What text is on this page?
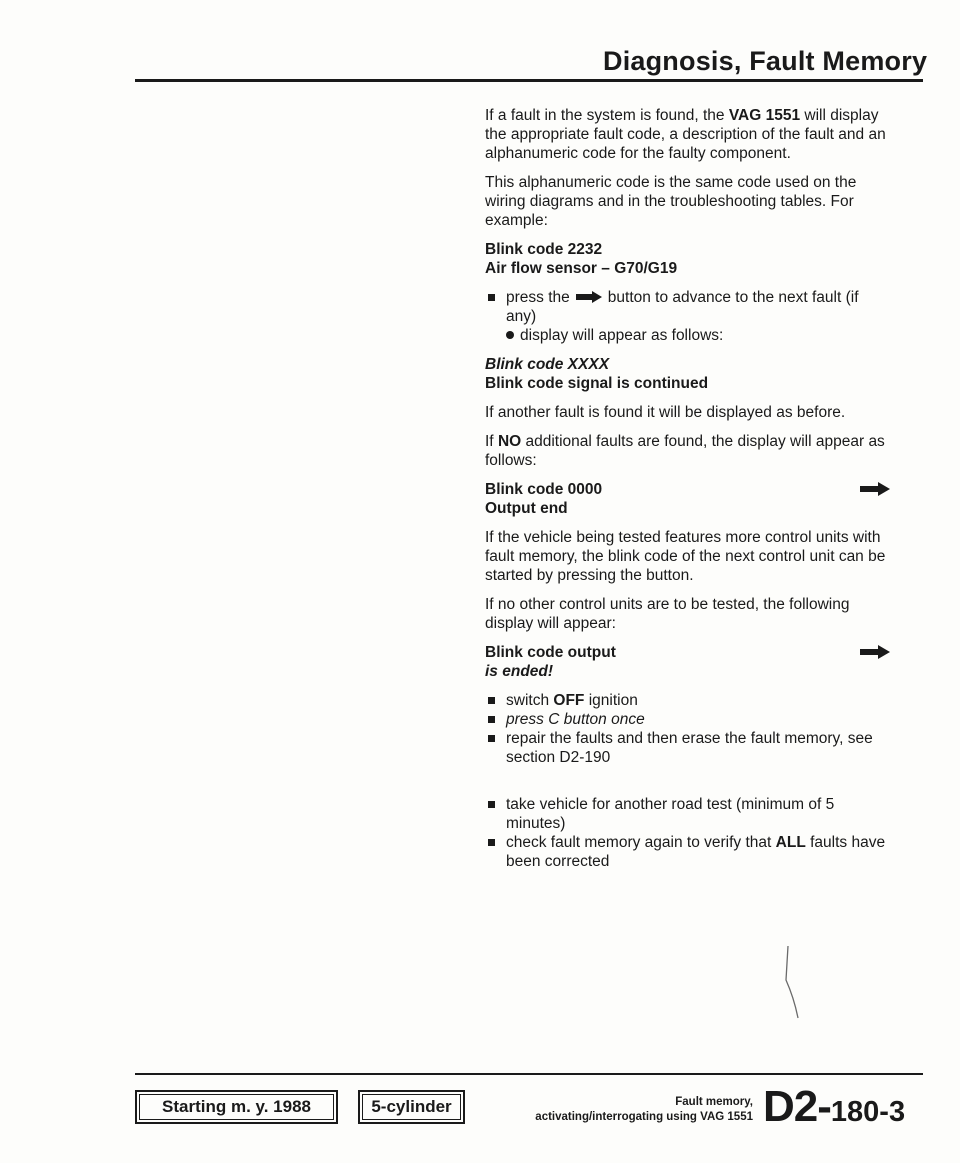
Diagnosis, Fault Memory

If a fault in the system is found, the VAG 1551 will display the appropriate fault code, a description of the fault and an alphanumeric code for the faulty component.

This alphanumeric code is the same code used on the wiring diagrams and in the troubleshooting tables. For example:

Blink code 2232
Air flow sensor – G70/G19
press the button to advance to the next fault (if any)
display will appear as follows:
Blink code XXXX
Blink code signal is continued

If another fault is found it will be displayed as before.

If NO additional faults are found, the display will appear as follows:

Blink code 0000
Output end

If the vehicle being tested features more control units with fault memory, the blink code of the next control unit can be started by pressing the button.

If no other control units are to be tested, the following display will appear:

Blink code output
is ended!
switch OFF ignition
press C button once
repair the faults and then erase the fault memory, see section D2-190
take vehicle for another road test (minimum of 5 minutes)
check fault memory again to verify that ALL faults have been corrected
Starting m. y. 1988	5-cylinder	Fault memory,
activating/interrogating using VAG 1551 D2-180-3
